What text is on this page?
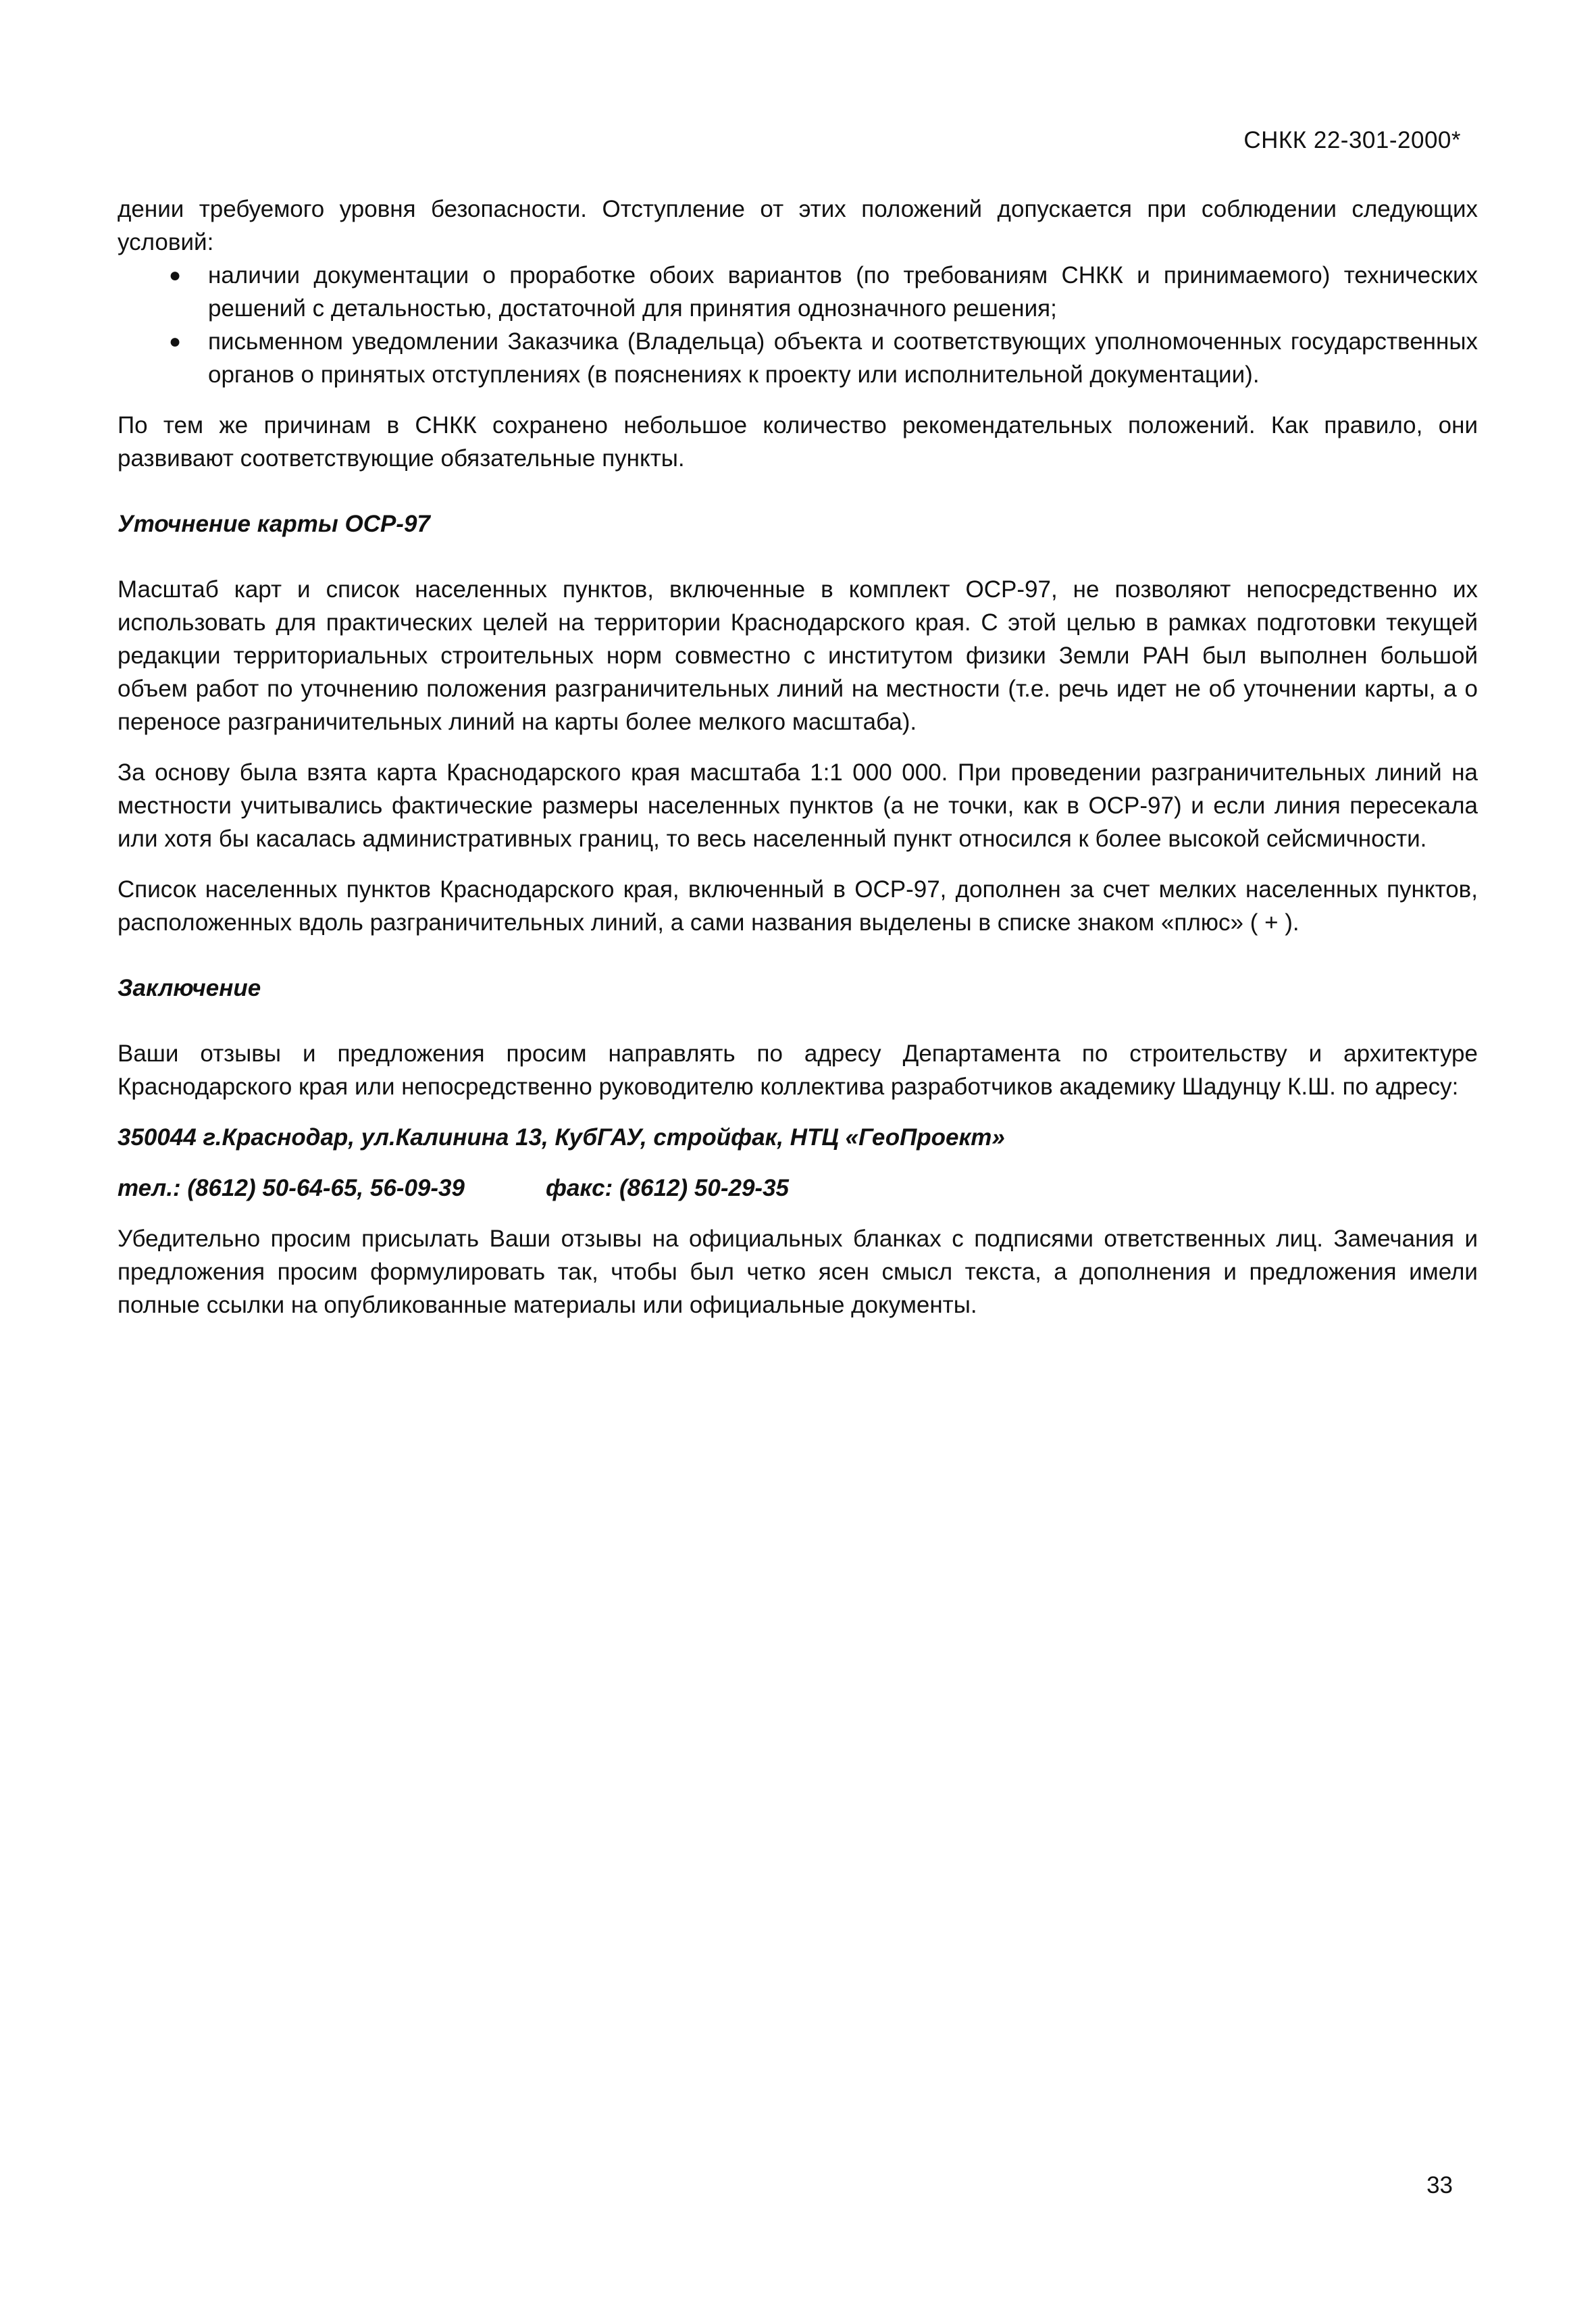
СНКК 22-301-2000*

дении требуемого уровня безопасности. Отступление от этих положений допускается при соблюдении следующих условий:

● наличии документации о проработке обоих вариантов (по требованиям СНКК и принимаемого) технических решений с детальностью, достаточной для принятия однозначного решения;
● письменном уведомлении Заказчика (Владельца) объекта и соответствующих уполномоченных государственных органов о принятых отступлениях (в пояснениях к проекту или исполнительной документации).

По тем же причинам в СНКК сохранено небольшое количество рекомендательных положений. Как правило, они развивают соответствующие обязательные пункты.

Уточнение карты ОСР-97

Масштаб карт и список населенных пунктов, включенные в комплект ОСР-97, не позволяют непосредственно их использовать для практических целей на территории Краснодарского края. С этой целью в рамках подготовки текущей редакции территориальных строительных норм совместно с институтом физики Земли РАН был выполнен большой объем работ по уточнению положения разграничительных линий на местности (т.е. речь идет не об уточнении карты, а о переносе разграничительных линий на карты более мелкого масштаба).

За основу была взята карта Краснодарского края масштаба 1:1 000 000. При проведении разграничительных линий на местности учитывались фактические размеры населенных пунктов (а не точки, как в ОСР-97) и если линия пересекала или хотя бы касалась административных границ, то весь населенный пункт относился к более высокой сейсмичности.

Список населенных пунктов Краснодарского края, включенный в ОСР-97, дополнен за счет мелких населенных пунктов, расположенных вдоль разграничительных линий, а сами названия выделены в списке знаком «плюс» ( + ).

Заключение

Ваши отзывы и предложения просим направлять по адресу Департамента по строительству и архитектуре Краснодарского края или непосредственно руководителю коллектива разработчиков академику Шадунцу К.Ш. по адресу:

350044 г.Краснодар, ул.Калинина 13, КубГАУ, стройфак, НТЦ «ГеоПроект»

тел.: (8612) 50-64-65, 56-09-39	факс: (8612) 50-29-35

Убедительно просим присылать Ваши отзывы на официальных бланках с подписями ответственных лиц. Замечания и предложения просим формулировать так, чтобы был четко ясен смысл текста, а дополнения и предложения имели полные ссылки на опубликованные материалы или официальные документы.

33
